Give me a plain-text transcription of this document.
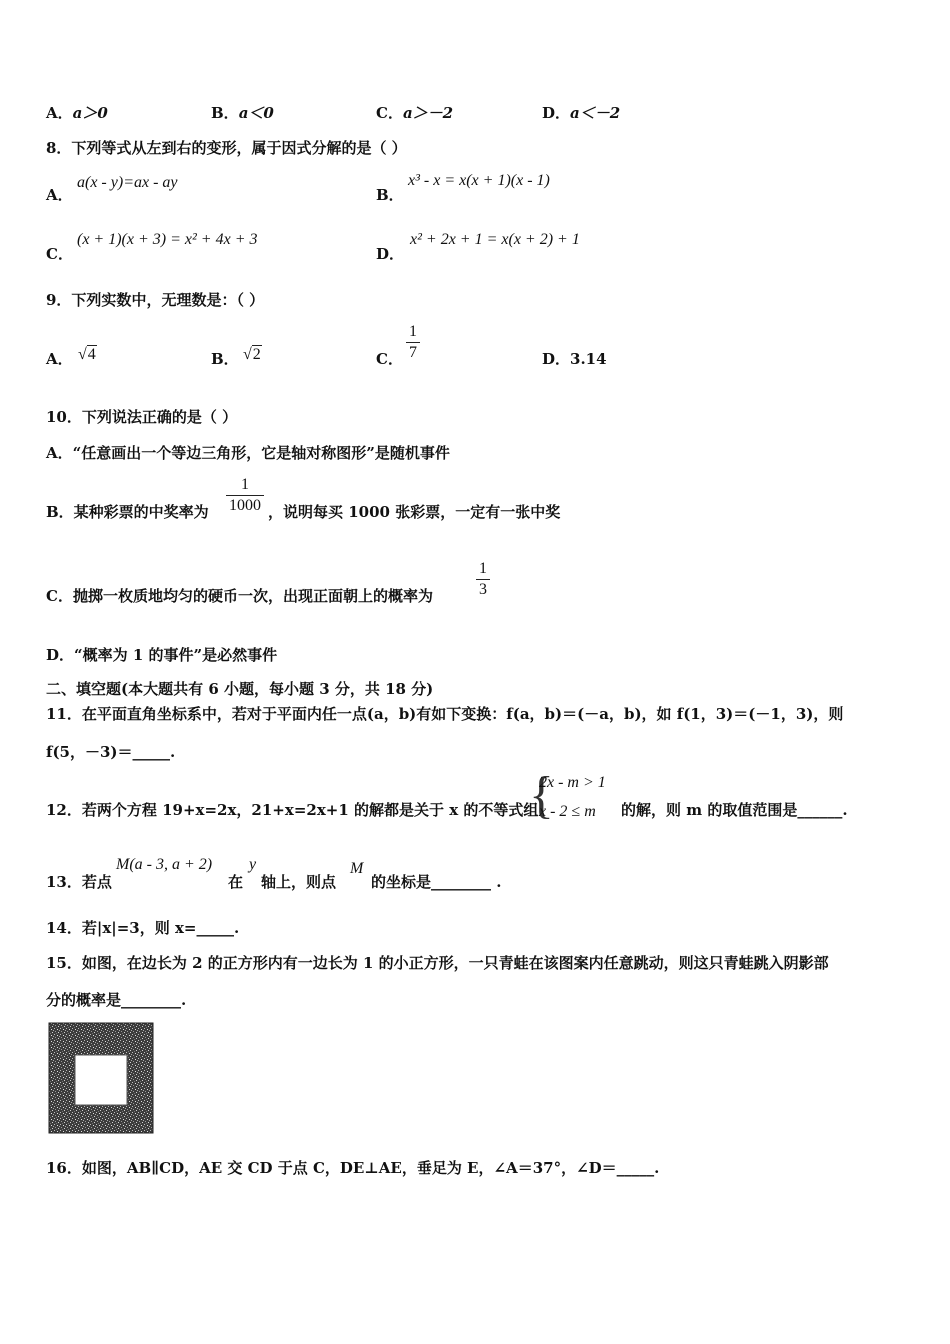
A．a＞0	B．a＜0	C．a＞－2	D．a＜－2
8．下列等式从左到右的变形，属于因式分解的是（ ）
A．
a(x - y)=ax - ay
B．
x³ - x = x(x + 1)(x - 1)
C．
(x + 1)(x + 3) = x² + 4x + 3
D．
x² + 2x + 1 = x(x + 2) + 1
9．下列实数中，无理数是：（ ）
A． √4	B． √2	C．
1
7	D．3.14
10．下列说法正确的是（ ）
A．“任意画出一个等边三角形，它是轴对称图形”是随机事件
B．某种彩票的中奖率为
1
1000 ，说明每买 1000 张彩票，一定有一张中奖
C．抛掷一枚质地均匀的硬币一次，出现正面朝上的概率为
1
3
D．“概率为 1 的事件”是必然事件
二、填空题(本大题共有 6 小题，每小题 3 分，共 18 分)
11．在平面直角坐标系中，若对于平面内任一点(a，b)有如下变换：f(a，b)＝(－a，b)，如 f(1，3)＝(－1，3)，则
f(5，－3)＝_____.
12．若两个方程 19+x=2x，21+x=2x+1 的解都是关于 x 的不等式组
{
2x - m > 1
x - 2 ≤ m 的解，则 m 的取值范围是______.
13．若点
M(a - 3, a + 2)
在
y
轴上，则点
M
的坐标是________ .
14．若|x|=3，则 x=_____.
15．如图，在边长为 2 的正方形内有一边长为 1 的小正方形，一只青蛙在该图案内任意跳动，则这只青蛙跳入阴影部
分的概率是________.
16．如图，AB∥CD，AE 交 CD 于点 C，DE⊥AE，垂足为 E，∠A＝37°，∠D＝_____.
